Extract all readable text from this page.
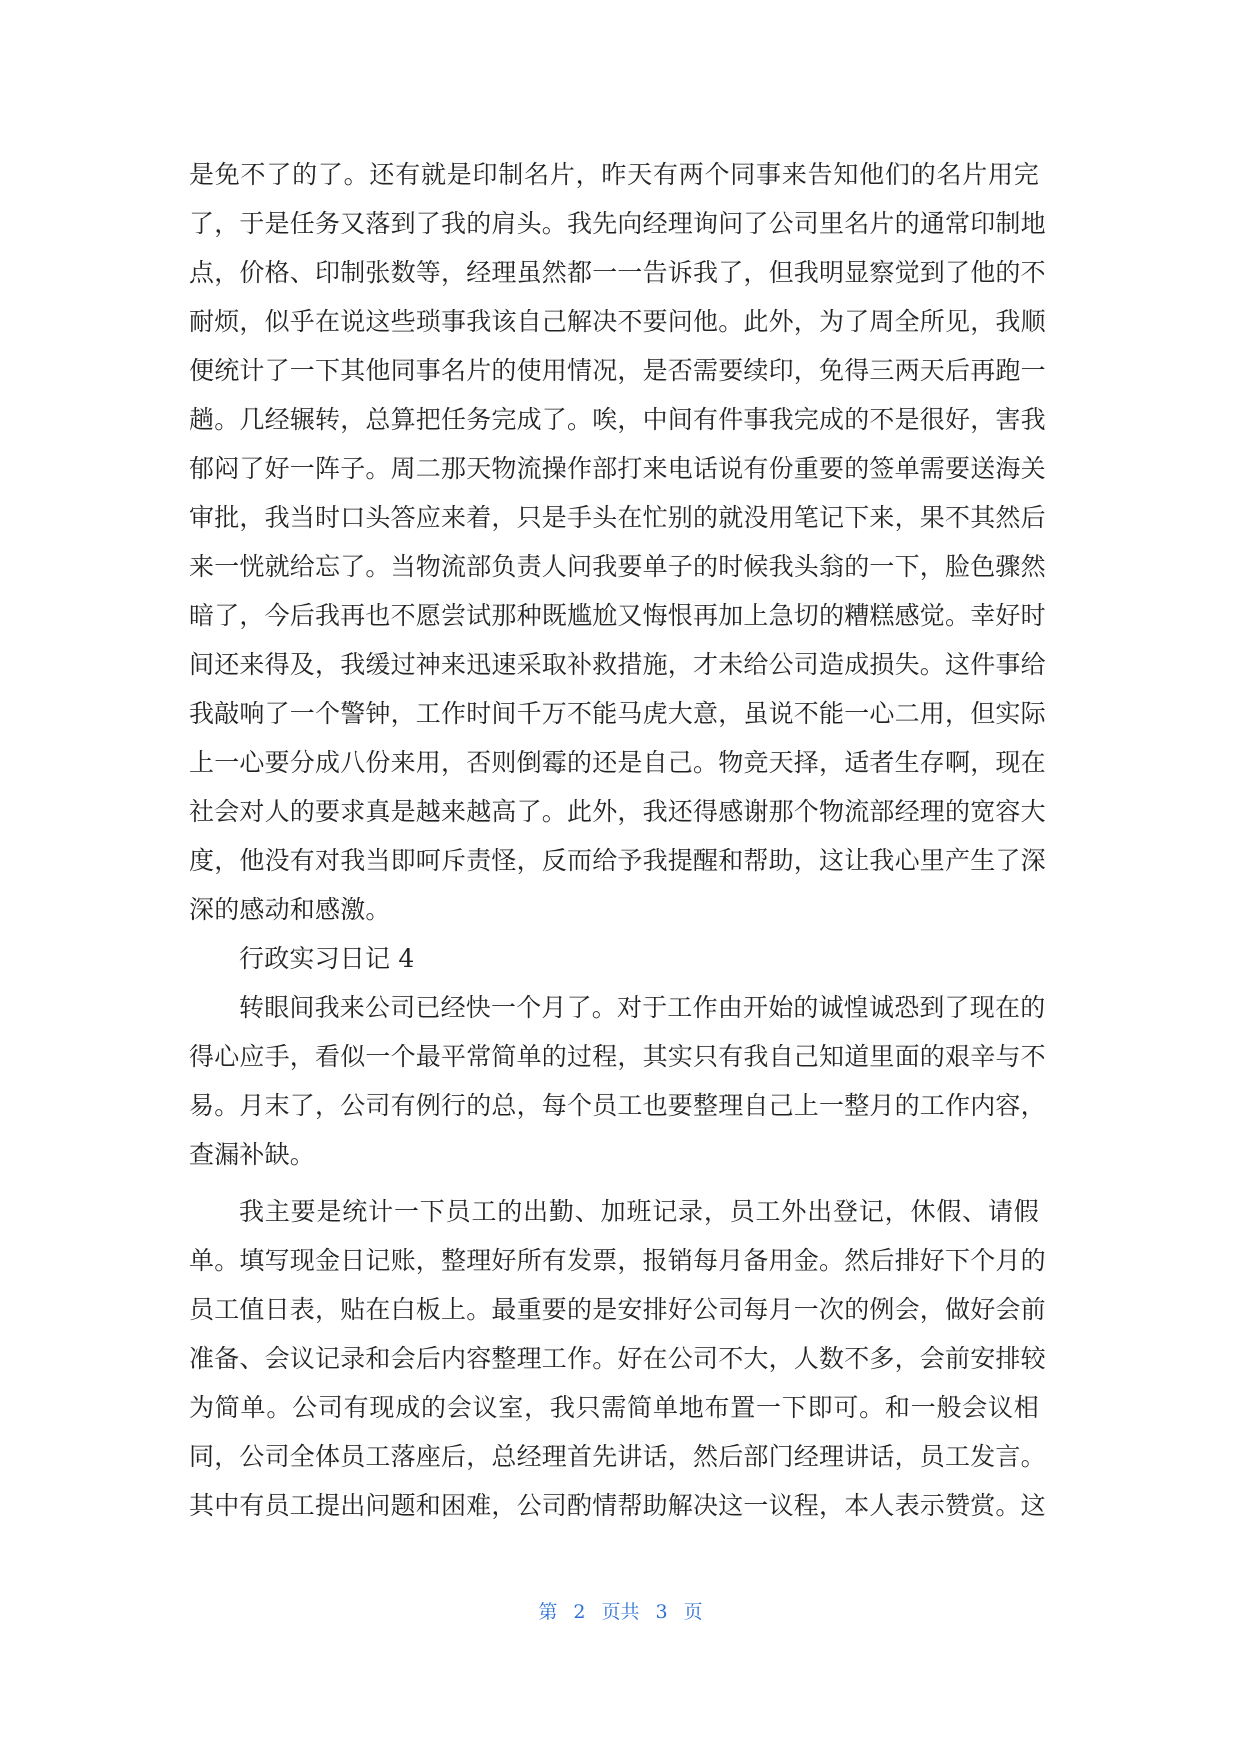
是免不了的了。还有就是印制名片，昨天有两个同事来告知他们的名片用完
了，于是任务又落到了我的肩头。我先向经理询问了公司里名片的通常印制地
点，价格、印制张数等，经理虽然都一一告诉我了，但我明显察觉到了他的不
耐烦，似乎在说这些琐事我该自己解决不要问他。此外，为了周全所见，我顺
便统计了一下其他同事名片的使用情况，是否需要续印，免得三两天后再跑一
趟。几经辗转，总算把任务完成了。唉，中间有件事我完成的不是很好，害我
郁闷了好一阵子。周二那天物流操作部打来电话说有份重要的签单需要送海关
审批，我当时口头答应来着，只是手头在忙别的就没用笔记下来，果不其然后
来一恍就给忘了。当物流部负责人问我要单子的时候我头翁的一下，脸色骤然
暗了，今后我再也不愿尝试那种既尴尬又悔恨再加上急切的糟糕感觉。幸好时
间还来得及，我缓过神来迅速采取补救措施，才未给公司造成损失。这件事给
我敲响了一个警钟，工作时间千万不能马虎大意，虽说不能一心二用，但实际
上一心要分成八份来用，否则倒霉的还是自己。物竞天择，适者生存啊，现在
社会对人的要求真是越来越高了。此外，我还得感谢那个物流部经理的宽容大
度，他没有对我当即呵斥责怪，反而给予我提醒和帮助，这让我心里产生了深
深的感动和感激。
行政实习日记 4
转眼间我来公司已经快一个月了。对于工作由开始的诚惶诚恐到了现在的
得心应手，看似一个最平常简单的过程，其实只有我自己知道里面的艰辛与不
易。月末了，公司有例行的总，每个员工也要整理自己上一整月的工作内容，
查漏补缺。
我主要是统计一下员工的出勤、加班记录，员工外出登记，休假、请假
单。填写现金日记账，整理好所有发票，报销每月备用金。然后排好下个月的
员工值日表，贴在白板上。最重要的是安排好公司每月一次的例会，做好会前
准备、会议记录和会后内容整理工作。好在公司不大，人数不多，会前安排较
为简单。公司有现成的会议室，我只需简单地布置一下即可。和一般会议相
同，公司全体员工落座后，总经理首先讲话，然后部门经理讲话，员工发言。
其中有员工提出问题和困难，公司酌情帮助解决这一议程，本人表示赞赏。这
第 2 页共 3 页
